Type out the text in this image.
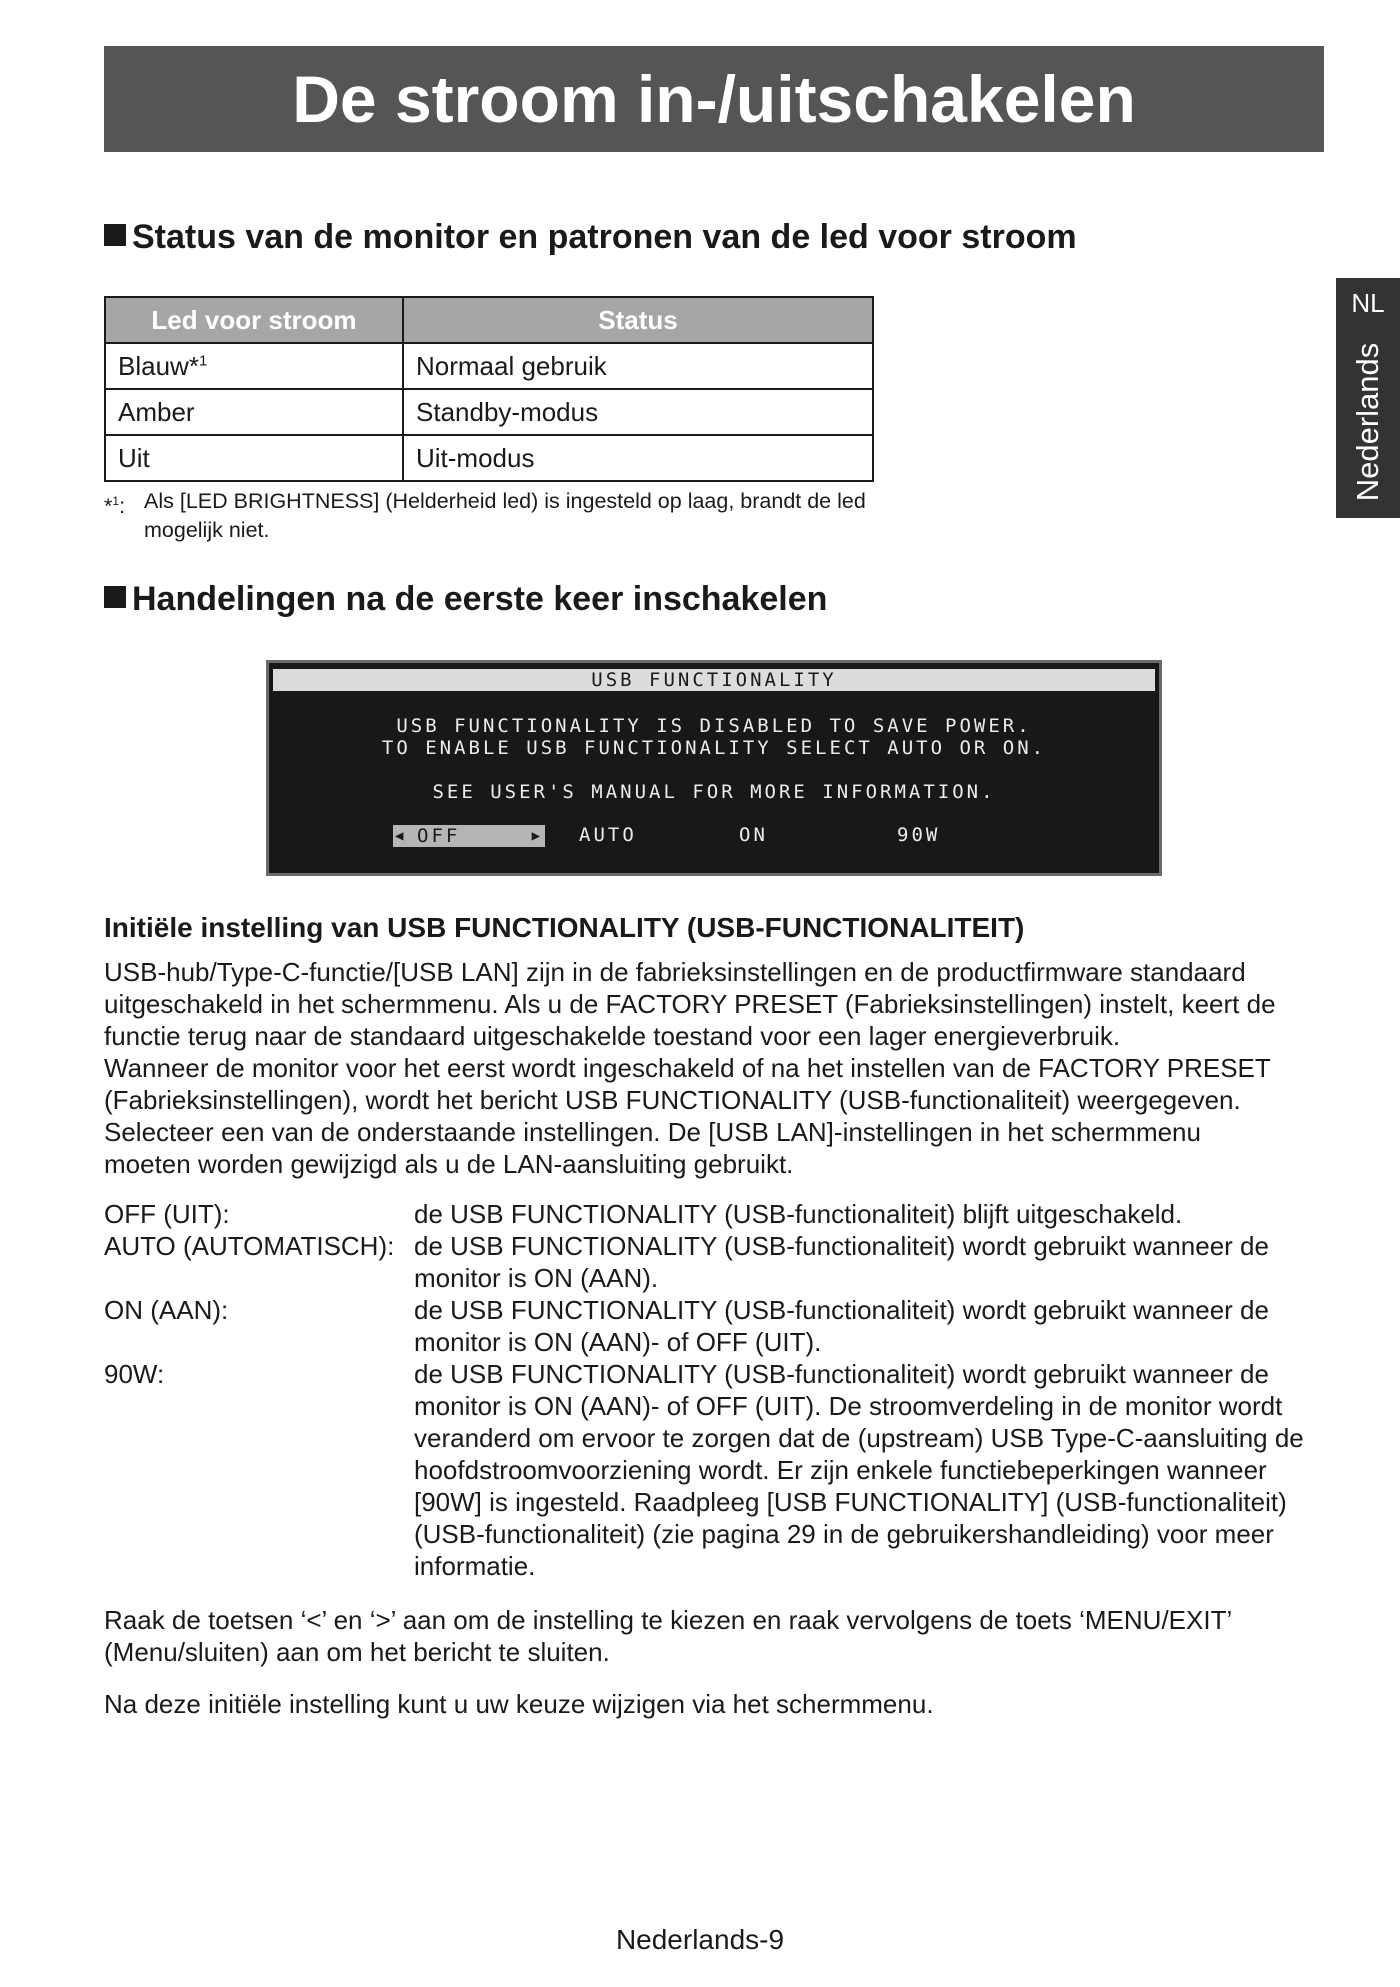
De stroom in-/uitschakelen
NL
Nederlands
Status van de monitor en patronen van de led voor stroom
Led voor stroom	Status
Blauw*$^1$	Normaal gebruik
Amber	Standby-modus
Uit	Uit-modus
*$^1$: Als [LED BRIGHTNESS] (Helderheid led) is ingesteld op laag, brandt de led mogelijk niet.
Handelingen na de eerste keer inschakelen
USB FUNCTIONALITY
USB FUNCTIONALITY IS DISABLED TO SAVE POWER.
TO ENABLE USB FUNCTIONALITY SELECT AUTO OR ON.
SEE USER'S MANUAL FOR MORE INFORMATION.
◀ OFF	▶ AUTO	ON	90W
Initiële instelling van USB FUNCTIONALITY (USB-FUNCTIONALITEIT)
USB-hub/Type-C-functie/[USB LAN] zijn in de fabrieksinstellingen en de productfirmware standaard
uitgeschakeld in het schermmenu. Als u de FACTORY PRESET (Fabrieksinstellingen) instelt, keert de
functie terug naar de standaard uitgeschakelde toestand voor een lager energieverbruik.
Wanneer de monitor voor het eerst wordt ingeschakeld of na het instellen van de FACTORY PRESET
(Fabrieksinstellingen), wordt het bericht USB FUNCTIONALITY (USB-functionaliteit) weergegeven.
Selecteer een van de onderstaande instellingen. De [USB LAN]-instellingen in het schermmenu
moeten worden gewijzigd als u de LAN-aansluiting gebruikt.
OFF (UIT):	de USB FUNCTIONALITY (USB-functionaliteit) blijft uitgeschakeld.
AUTO (AUTOMATISCH): de USB FUNCTIONALITY (USB-functionaliteit) wordt gebruikt wanneer de monitor is ON (AAN).
ON (AAN):	de USB FUNCTIONALITY (USB-functionaliteit) wordt gebruikt wanneer de monitor is ON (AAN)- of OFF (UIT).
90W:	de USB FUNCTIONALITY (USB-functionaliteit) wordt gebruikt wanneer de monitor is ON (AAN)- of OFF (UIT). De stroomverdeling in de monitor wordt veranderd om ervoor te zorgen dat de (upstream) USB Type-C-aansluiting de hoofdstroomvoorziening wordt. Er zijn enkele functiebeperkingen wanneer [90W] is ingesteld. Raadpleeg [USB FUNCTIONALITY] (USB-functionaliteit) (USB-functionaliteit) (zie pagina 29 in de gebruikershandleiding) voor meer informatie.
Raak de toetsen ‘<’ en ‘>’ aan om de instelling te kiezen en raak vervolgens de toets ‘MENU/EXIT’
(Menu/sluiten) aan om het bericht te sluiten.
Na deze initiële instelling kunt u uw keuze wijzigen via het schermmenu.
Nederlands-9
